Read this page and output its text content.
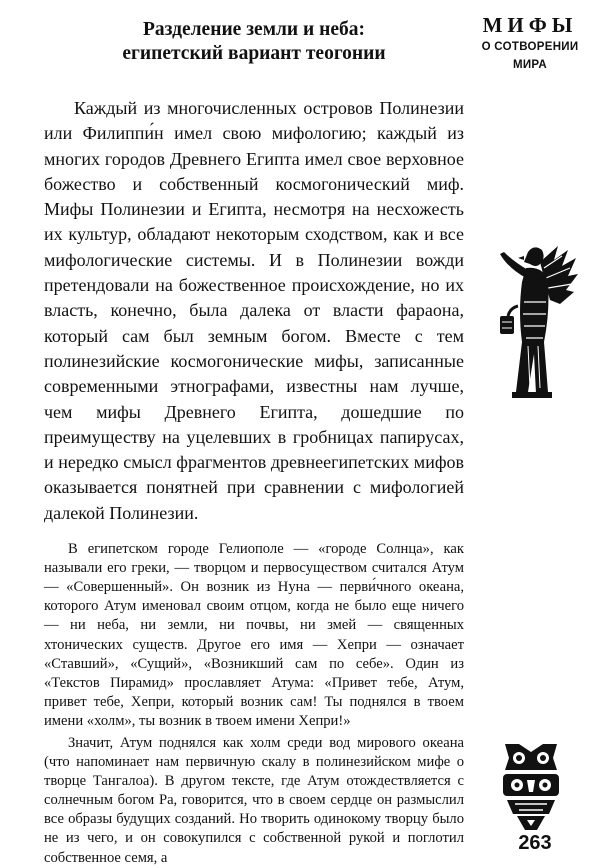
Разделение земли и неба:
египетский вариант теогонии

Каждый из многочисленных островов Полинезии или Филиппи́н имел свою мифологию; каждый из многих городов Древнего Египта имел свое верховное божество и собственный космогонический миф. Мифы Полинезии и Египта, несмотря на несхожесть их культур, обладают некоторым сходством, как и все мифологические системы. И в Полинезии вожди претендовали на божественное происхождение, но их власть, конечно, была далека от власти фараона, который сам был земным богом. Вместе с тем полинезийские космогонические мифы, записанные современными этнографами, известны нам лучше, чем мифы Древнего Египта, дошедшие по преимуществу на уцелевших в гробницах папирусах, и нередко смысл фрагментов древнеегипетских мифов оказывается понятней при сравнении с мифологией далекой Полинезии.

В египетском городе Гелиополе — «городе Солнца», как называли его греки, — творцом и первосуществом считался Атум — «Совершенный». Он возник из Нуна — перви́чного океана, которого Атум именовал своим отцом, когда не было еще ничего — ни неба, ни земли, ни почвы, ни змей — священных хтонических существ. Другое его имя — Хепри — означает «Ставший», «Сущий», «Возникший сам по себе». Один из «Текстов Пирамид» прославляет Атума: «Привет тебе, Атум, привет тебе, Хепри, который возник сам! Ты поднялся в твоем имени «холм», ты возник в твоем имени Хепри!»

Значит, Атум поднялся как холм среди вод мирового океана (что напоминает нам первичную скалу в полинезийском мифе о творце Тангалоа). В другом тексте, где Атум отождествляется с солнечным богом Ра, говорится, что в своем сердце он размыслил все образы будущих созданий. Но творить одинокому творцу было не из чего, и он совокупился с собственной рукой и поглотил собственное семя, а

МИФЫ
О СОТВОРЕНИИ
МИРА
263
